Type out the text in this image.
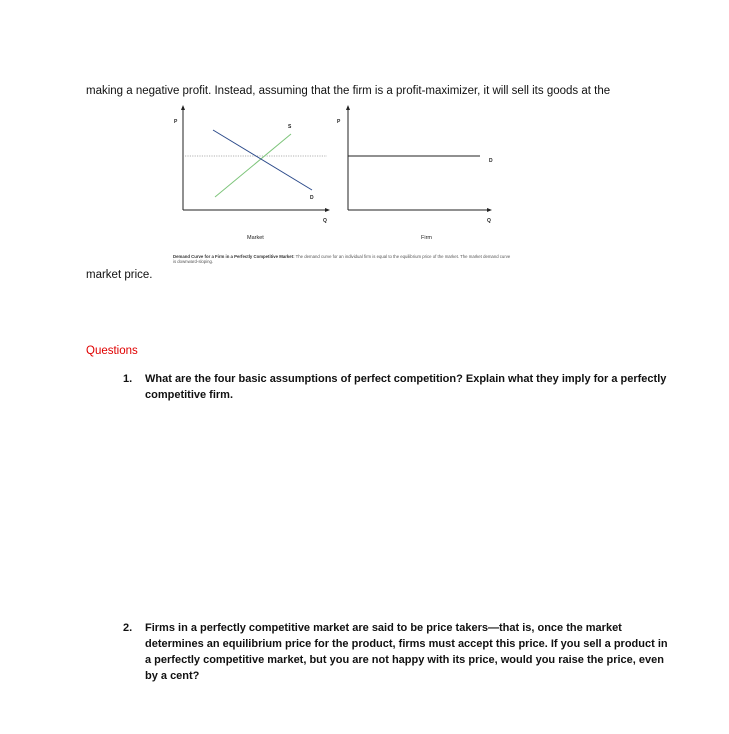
making a negative profit. Instead, assuming that the firm is a profit-maximizer, it will sell its goods at the
P
Q
S
D
Market
P
Q
D
Firm
Demand Curve for a Firm in a Perfectly Competitive Market: The demand curve for an individual firm is equal to the equilibrium price of the market. The market demand curve is downward-sloping.
market price.
Questions
1. What are the four basic assumptions of perfect competition? Explain what they imply for a perfectly competitive firm.
2. Firms in a perfectly competitive market are said to be price takers—that is, once the market determines an equilibrium price for the product, firms must accept this price. If you sell a product in a perfectly competitive market, but you are not happy with its price, would you raise the price, even by a cent?
